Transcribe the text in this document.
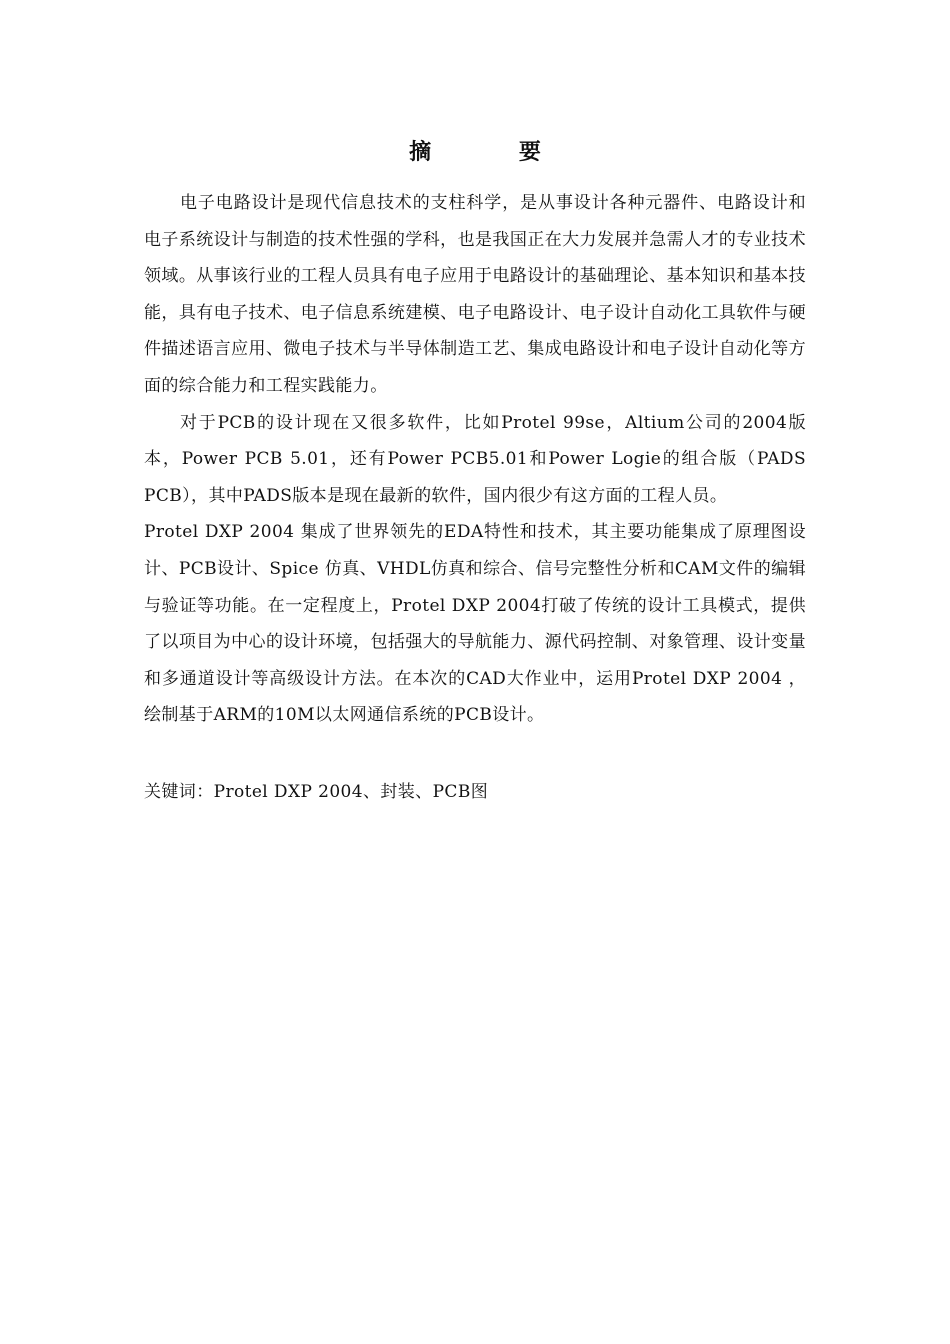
摘 要

电子电路设计是现代信息技术的支柱科学，是从事设计各种元器件、电路设计和电子系统设计与制造的技术性强的学科，也是我国正在大力发展并急需人才的专业技术领域。从事该行业的工程人员具有电子应用于电路设计的基础理论、基本知识和基本技能，具有电子技术、电子信息系统建模、电子电路设计、电子设计自动化工具软件与硬件描述语言应用、微电子技术与半导体制造工艺、集成电路设计和电子设计自动化等方面的综合能力和工程实践能力。

对于PCB的设计现在又很多软件，比如Protel 99se，Altium公司的2004版本，Power PCB 5.01，还有Power PCB5.01和Power Logie的组合版（PADS PCB），其中PADS版本是现在最新的软件，国内很少有这方面的工程人员。

Protel DXP 2004 集成了世界领先的EDA特性和技术，其主要功能集成了原理图设计、PCB设计、Spice 仿真、VHDL仿真和综合、信号完整性分析和CAM文件的编辑与验证等功能。在一定程度上，Protel DXP 2004打破了传统的设计工具模式，提供了以项目为中心的设计环境，包括强大的导航能力、源代码控制、对象管理、设计变量和多通道设计等高级设计方法。在本次的CAD大作业中，运用Protel DXP 2004 ，绘制基于ARM的10M以太网通信系统的PCB设计。

关键词：Protel DXP 2004、封装、PCB图
